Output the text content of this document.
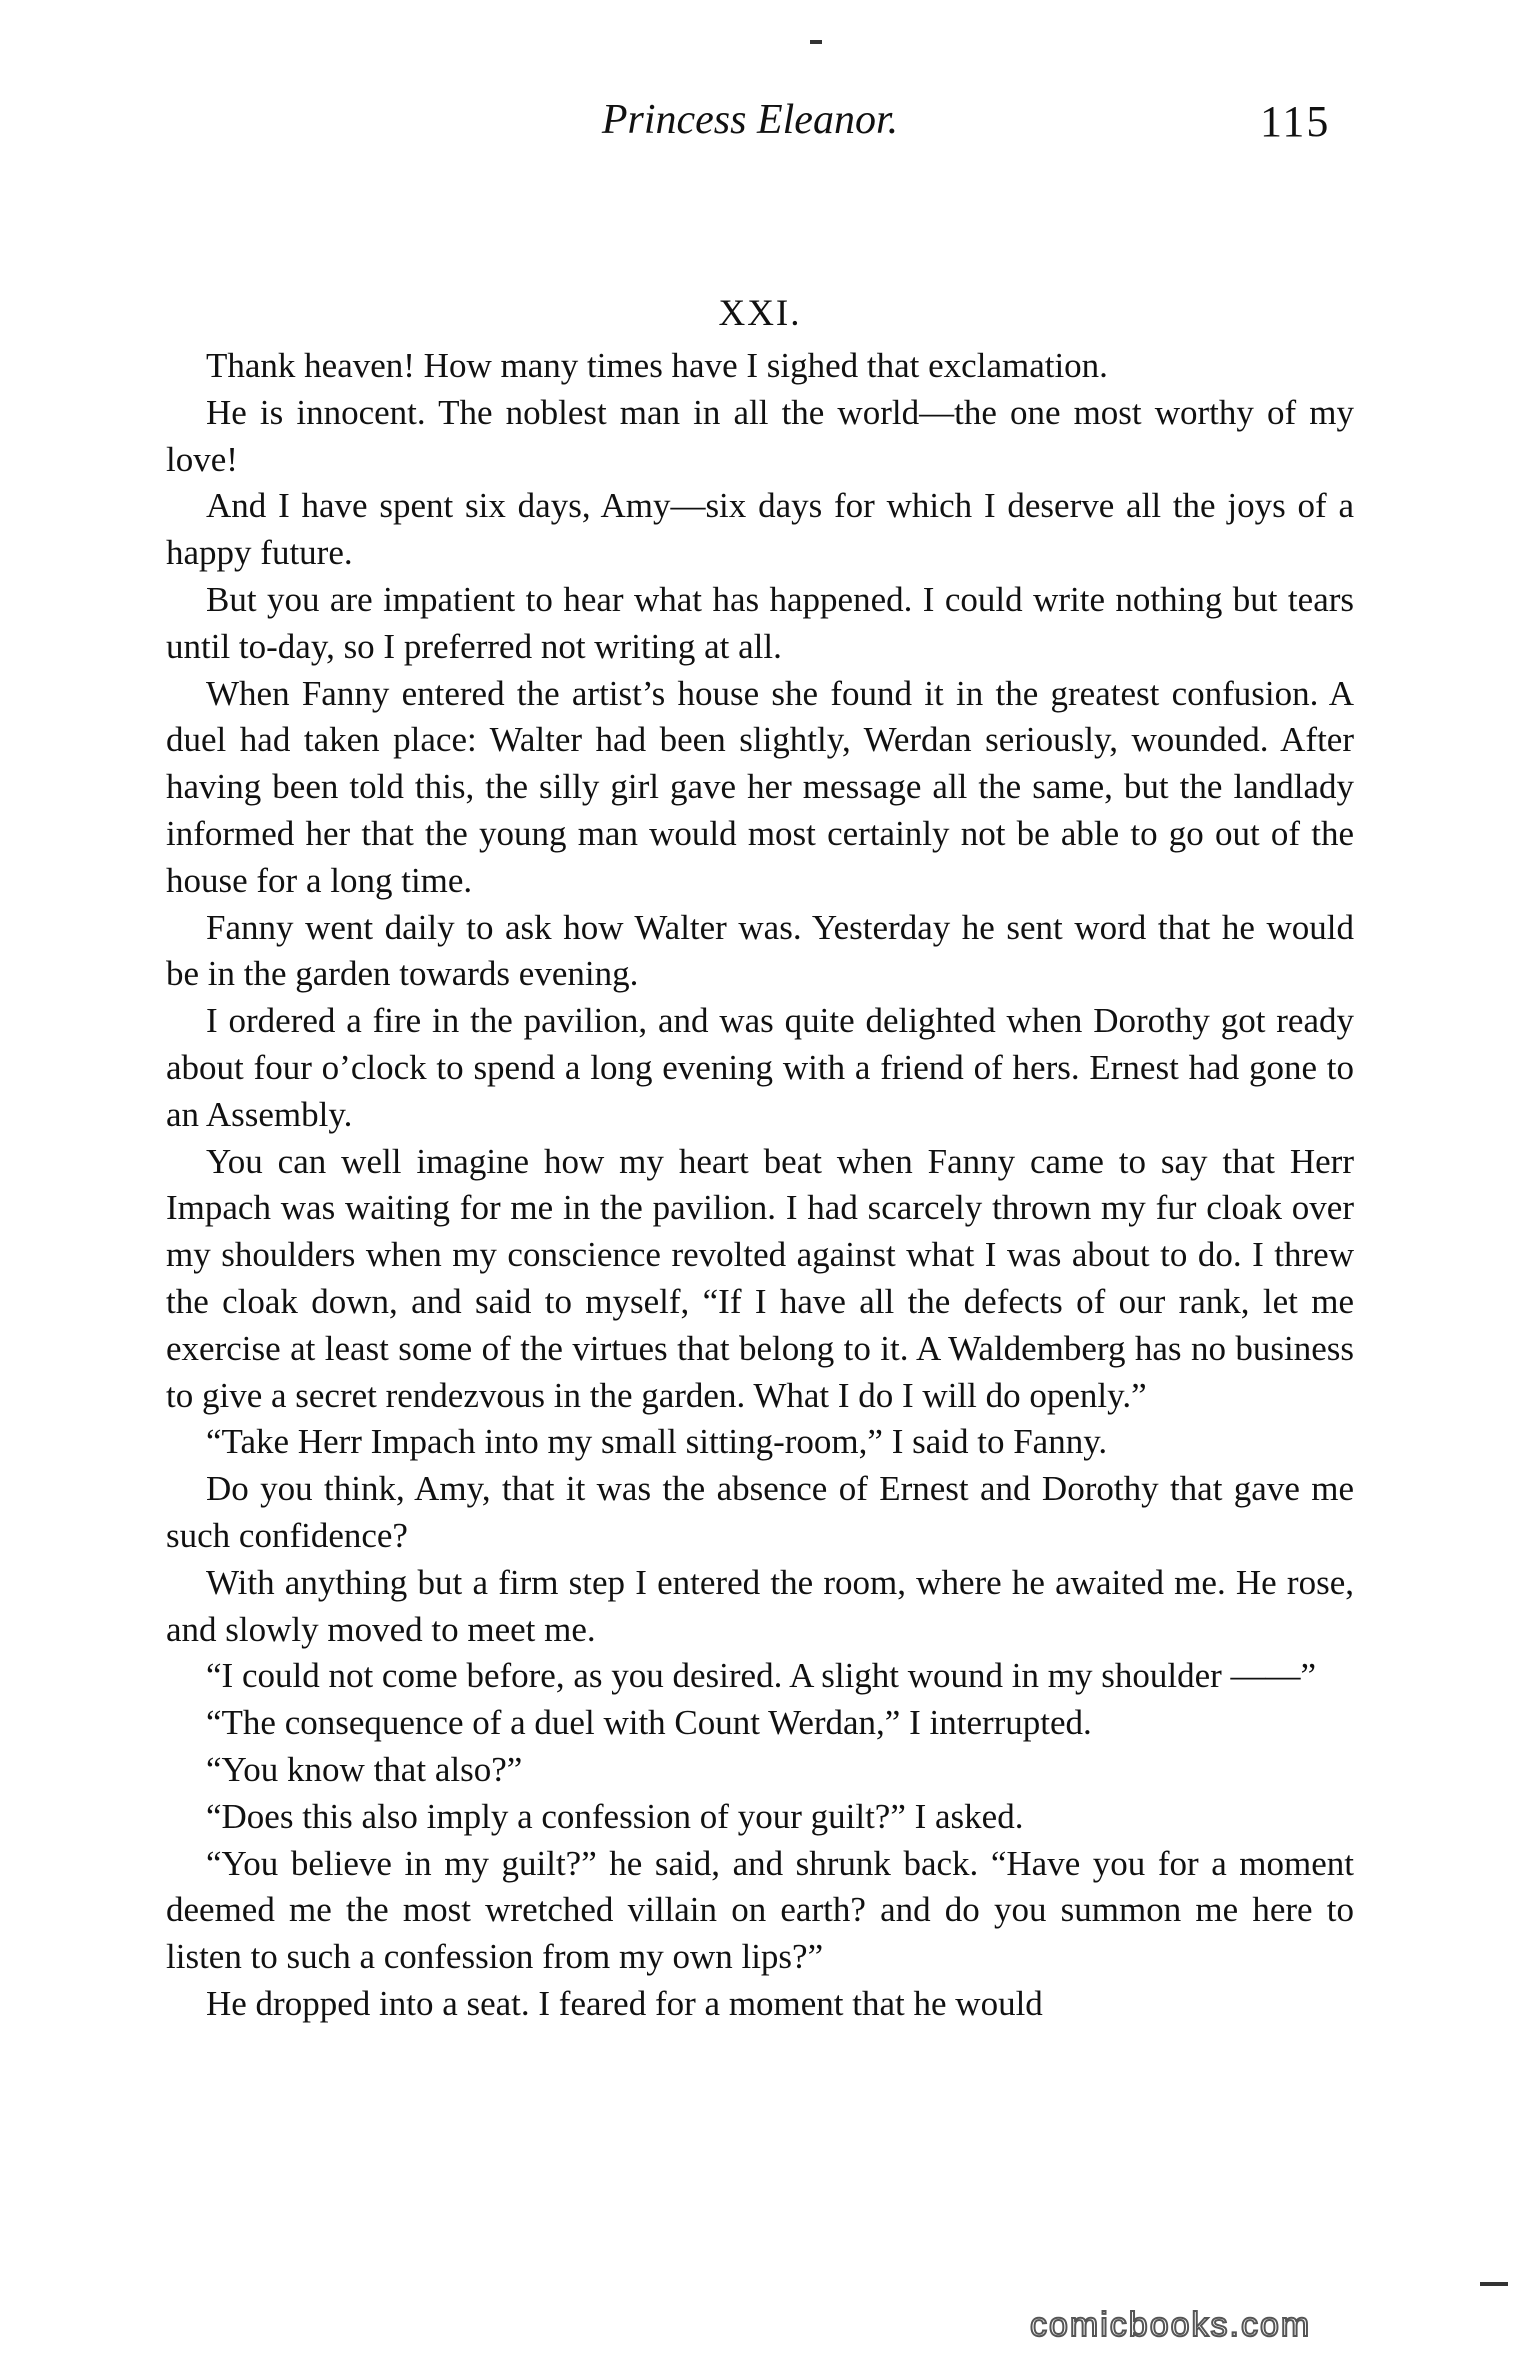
Princess Eleanor.	115
XXI.

Thank heaven! How many times have I sighed that exclamation.

He is innocent. The noblest man in all the world—the one most worthy of my love!

And I have spent six days, Amy—six days for which I deserve all the joys of a happy future.

But you are impatient to hear what has happened. I could write nothing but tears until to-day, so I preferred not writing at all.

When Fanny entered the artist’s house she found it in the greatest confusion. A duel had taken place: Walter had been slightly, Werdan seriously, wounded. After having been told this, the silly girl gave her message all the same, but the landlady informed her that the young man would most certainly not be able to go out of the house for a long time.

Fanny went daily to ask how Walter was. Yesterday he sent word that he would be in the garden towards evening.

I ordered a fire in the pavilion, and was quite delighted when Dorothy got ready about four o’clock to spend a long evening with a friend of hers. Ernest had gone to an Assembly.

You can well imagine how my heart beat when Fanny came to say that Herr Impach was waiting for me in the pavilion. I had scarcely thrown my fur cloak over my shoulders when my conscience revolted against what I was about to do. I threw the cloak down, and said to myself, “If I have all the defects of our rank, let me exercise at least some of the virtues that belong to it. A Waldemberg has no business to give a secret rendezvous in the garden. What I do I will do openly.”

“Take Herr Impach into my small sitting-room,” I said to Fanny.

Do you think, Amy, that it was the absence of Ernest and Dorothy that gave me such confidence?

With anything but a firm step I entered the room, where he awaited me. He rose, and slowly moved to meet me.

“I could not come before, as you desired. A slight wound in my shoulder ——”

“The consequence of a duel with Count Werdan,” I interrupted.

“You know that also?”

“Does this also imply a confession of your guilt?” I asked.

“You believe in my guilt?” he said, and shrunk back. “Have you for a moment deemed me the most wretched villain on earth? and do you summon me here to listen to such a confession from my own lips?”

He dropped into a seat. I feared for a moment that he would

comicbooks.com
